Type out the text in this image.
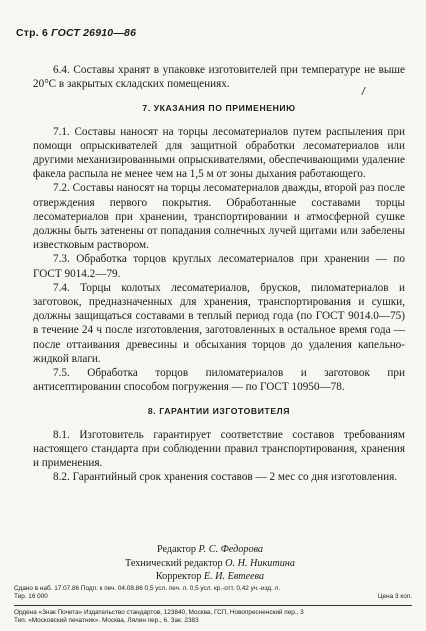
Стр. 6 ГОСТ 26910—86

6.4. Составы хранят в упаковке изготовителей при температуре не выше 20°C в закрытых складских помещениях.

7. УКАЗАНИЯ ПО ПРИМЕНЕНИЮ

7.1. Составы наносят на торцы лесоматериалов путем распыления при помощи опрыскивателей для защитной обработки лесоматериалов или другими механизированными опрыскивателями, обеспечивающими удаление факела распыла не менее чем на 1,5 м от зоны дыхания работающего.

7.2. Составы наносят на торцы лесоматериалов дважды, второй раз после отверждения первого покрытия. Обработанные составами торцы лесоматериалов при хранении, транспортировании и атмосферной сушке должны быть затенены от попадания солнечных лучей щитами или забелены известковым раствором.

7.3. Обработка торцов круглых лесоматериалов при хранении — по ГОСТ 9014.2—79.

7.4. Торцы колотых лесоматериалов, брусков, пиломатериалов и заготовок, предназначенных для хранения, транспортирования и сушки, должны защищаться составами в теплый период года (по ГОСТ 9014.0—75) в течение 24 ч после изготовления, заготовленных в остальное время года — после оттаивания древесины и обсыхания торцов до удаления капельно-жидкой влаги.

7.5. Обработка торцов пиломатериалов и заготовок при антисептировании способом погружения — по ГОСТ 10950—78.

8. ГАРАНТИИ ИЗГОТОВИТЕЛЯ

8.1. Изготовитель гарантирует соответствие составов требованиям настоящего стандарта при соблюдении правил транспортирования, хранения и применения.

8.2. Гарантийный срок хранения составов — 2 мес со дня изготовления.

Редактор Р. С. Федорова
Технический редактор О. Н. Никитина
Корректор Е. И. Евтеева
Сдано в наб. 17.07.86 Подп. к печ. 04.08.86 0,5 усл. печ. л. 0,5 усл. кр.-отт. 0,42 уч.-изд. л.
Тир. 16 000	Цена 3 коп.
Ордена «Знак Почета» Издательство стандартов, 123840, Москва, ГСП, Новопресненский пер., 3
Тип. «Московский печатник». Москва, Лялин пер., 6. Зак. 2383
